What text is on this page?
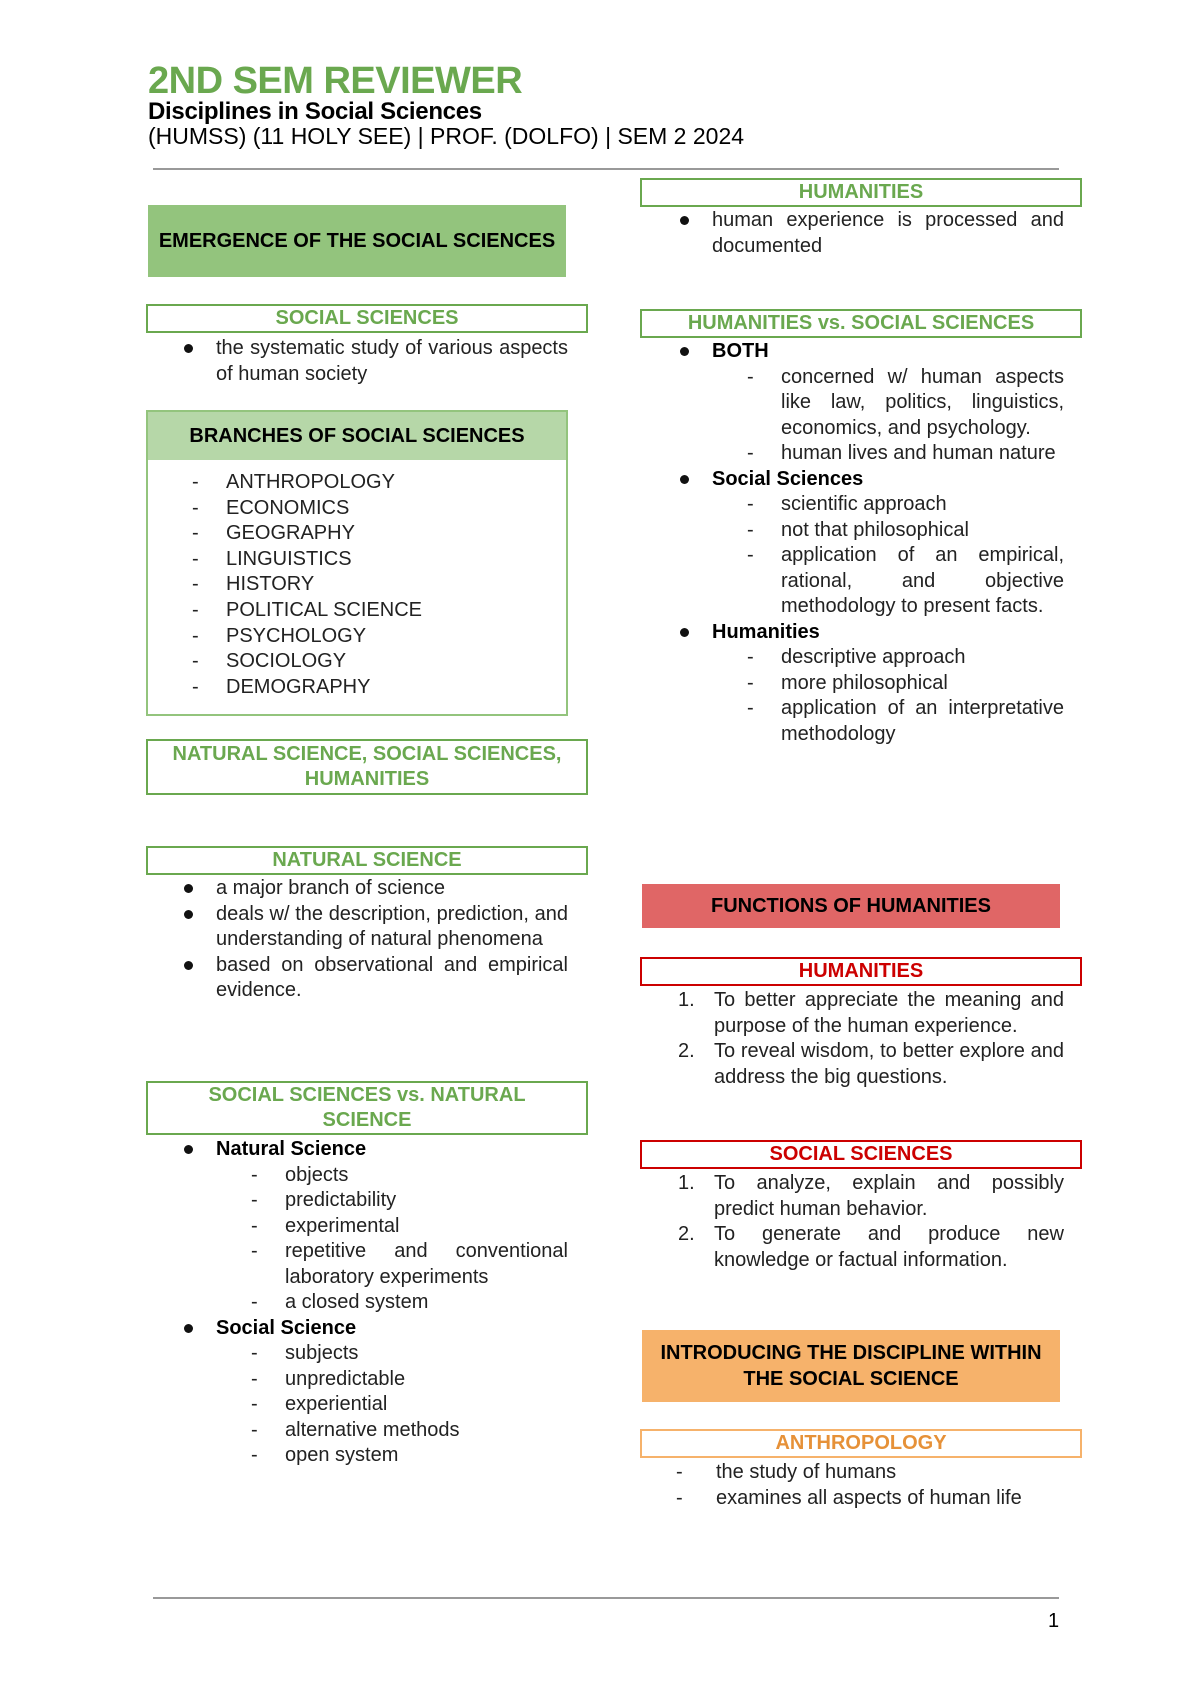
2ND SEM REVIEWER
Disciplines in Social Sciences
(HUMSS) (11 HOLY SEE) | PROF. (DOLFO) | SEM 2 2024
EMERGENCE OF THE SOCIAL SCIENCES
SOCIAL SCIENCES
the systematic study of various aspects of human society
BRANCHES OF SOCIAL SCIENCES
-	ANTHROPOLOGY
-	ECONOMICS
-	GEOGRAPHY
-	LINGUISTICS
-	HISTORY
-	POLITICAL SCIENCE
-	PSYCHOLOGY
-	SOCIOLOGY
-	DEMOGRAPHY
NATURAL SCIENCE, SOCIAL SCIENCES, HUMANITIES
NATURAL SCIENCE
a major branch of science
deals w/ the description, prediction, and understanding of natural phenomena
based on observational and empirical evidence.
SOCIAL SCIENCES vs. NATURAL SCIENCE
Natural Science
-	objects
-	predictability
-	experimental
-	repetitive and conventional laboratory experiments
-	a closed system
Social Science
-	subjects
-	unpredictable
-	experiential
-	alternative methods
-	open system
HUMANITIES
human experience is processed and documented
HUMANITIES vs. SOCIAL SCIENCES
BOTH
-	concerned w/ human aspects like law, politics, linguistics, economics, and psychology.
-	human lives and human nature
Social Sciences
-	scientific approach
-	not that philosophical
-	application of an empirical, rational, and objective methodology to present facts.
Humanities
-	descriptive approach
-	more philosophical
-	application of an interpretative methodology
FUNCTIONS OF HUMANITIES
HUMANITIES
1. To better appreciate the meaning and purpose of the human experience.
2. To reveal wisdom, to better explore and address the big questions.
SOCIAL SCIENCES
1. To analyze, explain and possibly predict human behavior.
2. To generate and produce new knowledge or factual information.
INTRODUCING THE DISCIPLINE WITHIN THE SOCIAL SCIENCE
ANTHROPOLOGY
-	the study of humans
-	examines all aspects of human life
1
